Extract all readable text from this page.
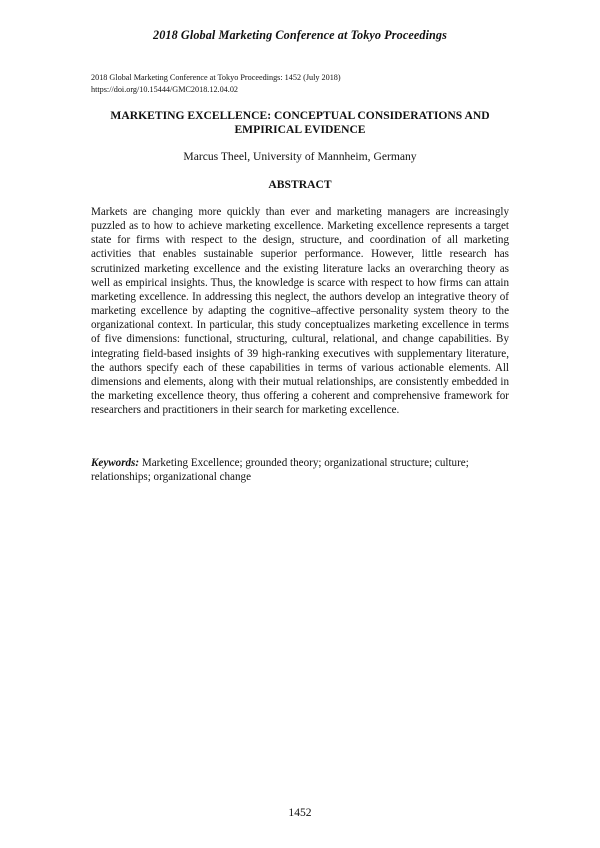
2018 Global Marketing Conference at Tokyo Proceedings
2018 Global Marketing Conference at Tokyo Proceedings: 1452 (July 2018)
https://doi.org/10.15444/GMC2018.12.04.02
MARKETING EXCELLENCE: CONCEPTUAL CONSIDERATIONS AND EMPIRICAL EVIDENCE
Marcus Theel, University of Mannheim, Germany
ABSTRACT

Markets are changing more quickly than ever and marketing managers are increasingly puzzled as to how to achieve marketing excellence. Marketing excellence represents a target state for firms with respect to the design, structure, and coordination of all marketing activities that enables sustainable superior performance. However, little research has scrutinized marketing excellence and the existing literature lacks an overarching theory as well as empirical insights. Thus, the knowledge is scarce with respect to how firms can attain marketing excellence. In addressing this neglect, the authors develop an integrative theory of marketing excellence by adapting the cognitive–affective personality system theory to the organizational context. In particular, this study conceptualizes marketing excellence in terms of five dimensions: functional, structuring, cultural, relational, and change capabilities. By integrating field-based insights of 39 high-ranking executives with supplementary literature, the authors specify each of these capabilities in terms of various actionable elements. All dimensions and elements, along with their mutual relationships, are consistently embedded in the marketing excellence theory, thus offering a coherent and comprehensive framework for researchers and practitioners in their search for marketing excellence.

Keywords: Marketing Excellence; grounded theory; organizational structure; culture; relationships; organizational change

1452
